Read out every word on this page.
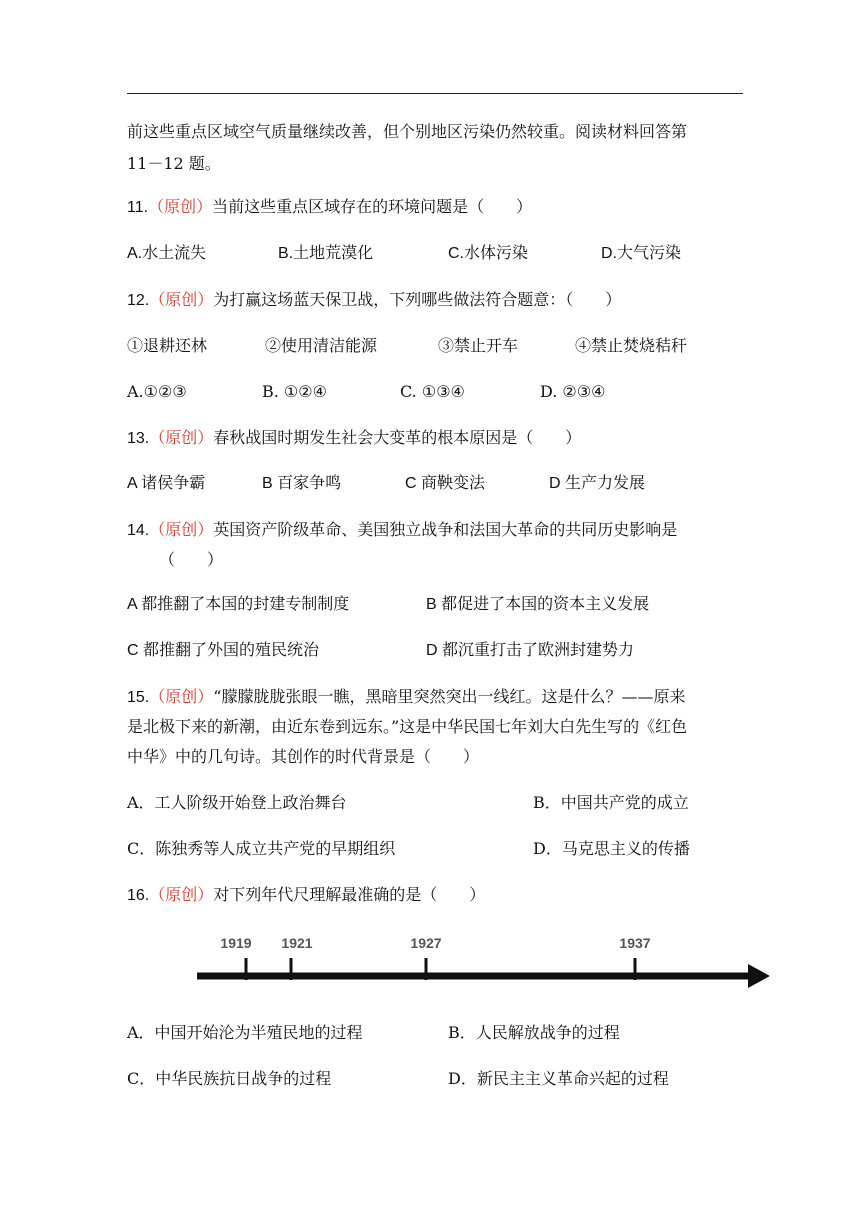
前这些重点区域空气质量继续改善，但个别地区污染仍然较重。阅读材料回答第
11－12 题。
11.（原创）当前这些重点区域存在的环境问题是（　　）
A.水土流失	B.土地荒漠化	C.水体污染	D.大气污染
12.（原创）为打赢这场蓝天保卫战，下列哪些做法符合题意：（　　）
①退耕还林	②使用清洁能源	③禁止开车	④禁止焚烧秸秆
A.①②③	B. ①②④	C. ①③④	D. ②③④
13.（原创）春秋战国时期发生社会大变革的根本原因是（　　）
A 诸侯争霸	B 百家争鸣	C 商鞅变法	D 生产力发展
14.（原创）英国资产阶级革命、美国独立战争和法国大革命的共同历史影响是
（　　）
A 都推翻了本国的封建专制制度	B 都促进了本国的资本主义发展
C 都推翻了外国的殖民统治	D 都沉重打击了欧洲封建势力
15.（原创）“朦朦胧胧张眼一瞧，黑暗里突然突出一线红。这是什么？——原来
是北极下来的新潮，由近东卷到远东。”这是中华民国七年刘大白先生写的《红色
中华》中的几句诗。其创作的时代背景是（　　）
A．工人阶级开始登上政治舞台	B．中国共产党的成立
C．陈独秀等人成立共产党的早期组织	D．马克思主义的传播
16.（原创）对下列年代尺理解最准确的是（　　）
1919 1921	1927	1937
A．中国开始沦为半殖民地的过程	B．人民解放战争的过程
C．中华民族抗日战争的过程	D．新民主主义革命兴起的过程
